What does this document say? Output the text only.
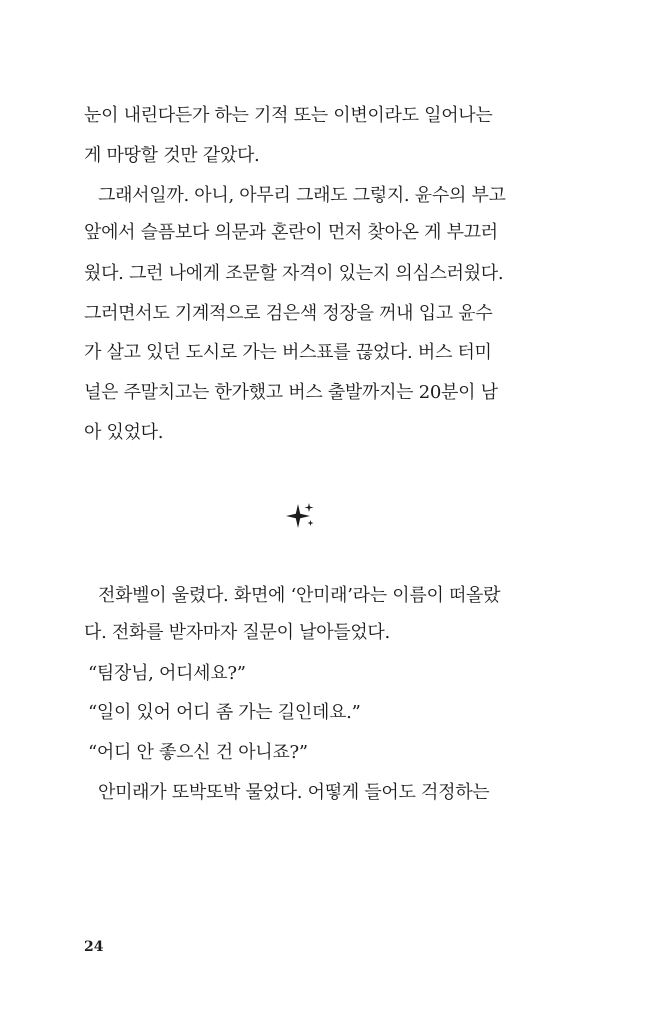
눈이 내린다든가 하는 기적 또는 이변이라도 일어나는
게 마땅할 것만 같았다.
그래서일까. 아니, 아무리 그래도 그렇지. 윤수의 부고
앞에서 슬픔보다 의문과 혼란이 먼저 찾아온 게 부끄러
웠다. 그런 나에게 조문할 자격이 있는지 의심스러웠다.
그러면서도 기계적으로 검은색 정장을 꺼내 입고 윤수
가 살고 있던 도시로 가는 버스표를 끊었다. 버스 터미
널은 주말치고는 한가했고 버스 출발까지는 20분이 남
아 있었다.
전화벨이 울렸다. 화면에 ‘안미래’라는 이름이 떠올랐
다. 전화를 받자마자 질문이 날아들었다.
“팀장님, 어디세요?”
“일이 있어 어디 좀 가는 길인데요.”
“어디 안 좋으신 건 아니죠?”
안미래가 또박또박 물었다. 어떻게 들어도 걱정하는
24
